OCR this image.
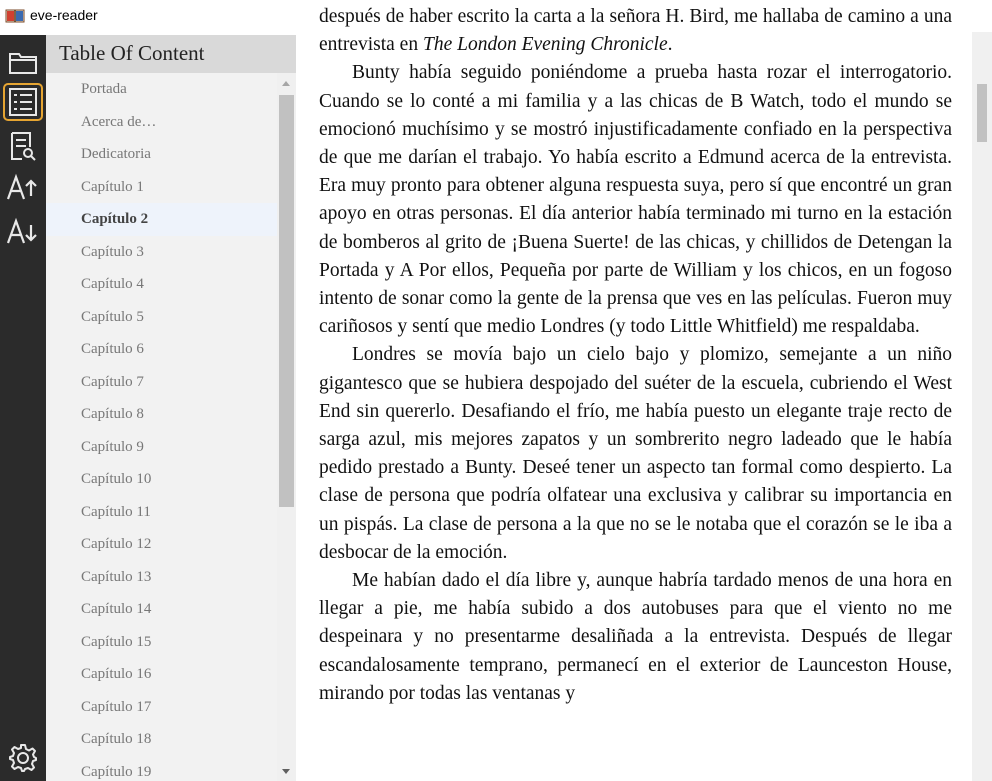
eve-reader
Table Of Content
Portada
Acerca de…
Dedicatoria
Capítulo 1
Capítulo 2
Capítulo 3
Capítulo 4
Capítulo 5
Capítulo 6
Capítulo 7
Capítulo 8
Capítulo 9
Capítulo 10
Capítulo 11
Capítulo 12
Capítulo 13
Capítulo 14
Capítulo 15
Capítulo 16
Capítulo 17
Capítulo 18
Capítulo 19

después de haber escrito la carta a la señora H. Bird, me hallaba de camino a una entrevista en The London Evening Chronicle.

Bunty había seguido poniéndome a prueba hasta rozar el interrogatorio. Cuando se lo conté a mi familia y a las chicas de B Watch, todo el mundo se emocionó muchísimo y se mostró injustificadamente confiado en la perspectiva de que me darían el trabajo. Yo había escrito a Edmund acerca de la entrevista. Era muy pronto para obtener alguna respuesta suya, pero sí que encontré un gran apoyo en otras personas. El día anterior había terminado mi turno en la estación de bomberos al grito de ¡Buena Suerte! de las chicas, y chillidos de Detengan la Portada y A Por ellos, Pequeña por parte de William y los chicos, en un fogoso intento de sonar como la gente de la prensa que ves en las películas. Fueron muy cariñosos y sentí que medio Londres (y todo Little Whitfield) me respaldaba.

Londres se movía bajo un cielo bajo y plomizo, semejante a un niño gigantesco que se hubiera despojado del suéter de la escuela, cubriendo el West End sin quererlo. Desafiando el frío, me había puesto un elegante traje recto de sarga azul, mis mejores zapatos y un sombrerito negro ladeado que le había pedido prestado a Bunty. Deseé tener un aspecto tan formal como despierto. La clase de persona que podría olfatear una exclusiva y calibrar su importancia en un pispás. La clase de persona a la que no se le notaba que el corazón se le iba a desbocar de la emoción.

Me habían dado el día libre y, aunque habría tardado menos de una hora en llegar a pie, me había subido a dos autobuses para que el viento no me despeinara y no presentarme desaliñada a la entrevista. Después de llegar escandalosamente temprano, permanecí en el exterior de Launceston House, mirando por todas las ventanas y
